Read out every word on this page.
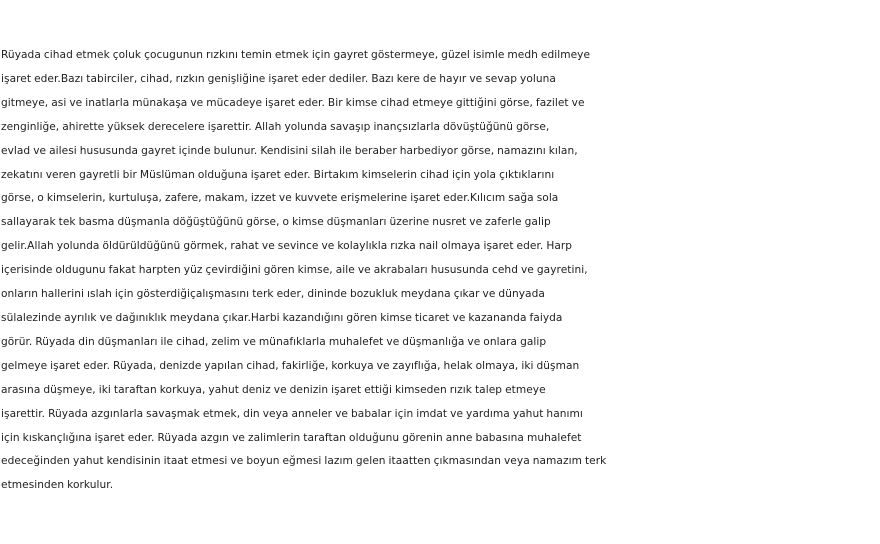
Rüyada cihad etmek çoluk çocugunun rızkını temin etmek için gayret göstermeye, güzel isimle medh edilmeye
işaret eder.Bazı tabirciler, cihad, rızkın genişliğine işaret eder dediler. Bazı kere de hayır ve sevap yoluna
gitmeye, asi ve inatlarla münakaşa ve mücadeye işaret eder. Bir kimse cihad etmeye gittiğini görse, fazilet ve
zenginliğe, ahirette yüksek derecelere işarettir. Allah yolunda savaşıp inançsızlarla dövüştüğünü görse,
evlad ve ailesi hususunda gayret içinde bulunur. Kendisini silah ile beraber harbediyor görse, namazını kılan,
zekatını veren gayretli bir Müslüman olduğuna işaret eder. Birtakım kimselerin cihad için yola çıktıklarını
görse, o kimselerin, kurtuluşa, zafere, makam, izzet ve kuvvete erişmelerine işaret eder.Kılıcım sağa sola
sallayarak tek basma düşmanla döğüştüğünü görse, o kimse düşmanları üzerine nusret ve zaferle galip
gelir.Allah yolunda öldürüldüğünü görmek, rahat ve sevince ve kolaylıkla rızka nail olmaya işaret eder. Harp
içerisinde oldugunu fakat harpten yüz çevirdiğini gören kimse, aile ve akrabaları hususunda cehd ve gayretini,
onların hallerini ıslah için gösterdiğiçalışmasını terk eder, dininde bozukluk meydana çıkar ve dünyada
sülalezinde ayrılık ve dağınıklık meydana çıkar.Harbi kazandığını gören kimse ticaret ve kazananda faiyda
görür. Rüyada din düşmanları ile cihad, zelim ve münafıklarla muhalefet ve düşmanlığa ve onlara galip
gelmeye işaret eder. Rüyada, denizde yapılan cihad, fakirliğe, korkuya ve zayıflığa, helak olmaya, iki düşman
arasına düşmeye, iki taraftan korkuya, yahut deniz ve denizin işaret ettiği kimseden rızık talep etmeye
işarettir. Rüyada azgınlarla savaşmak etmek, din veya anneler ve babalar için imdat ve yardıma yahut hanımı
için kıskançlığına işaret eder. Rüyada azgın ve zalimlerin taraftan olduğunu görenin anne babasına muhalefet
edeceğinden yahut kendisinin itaat etmesi ve boyun eğmesi lazım gelen itaatten çıkmasından veya namazım terk
etmesinden korkulur.
